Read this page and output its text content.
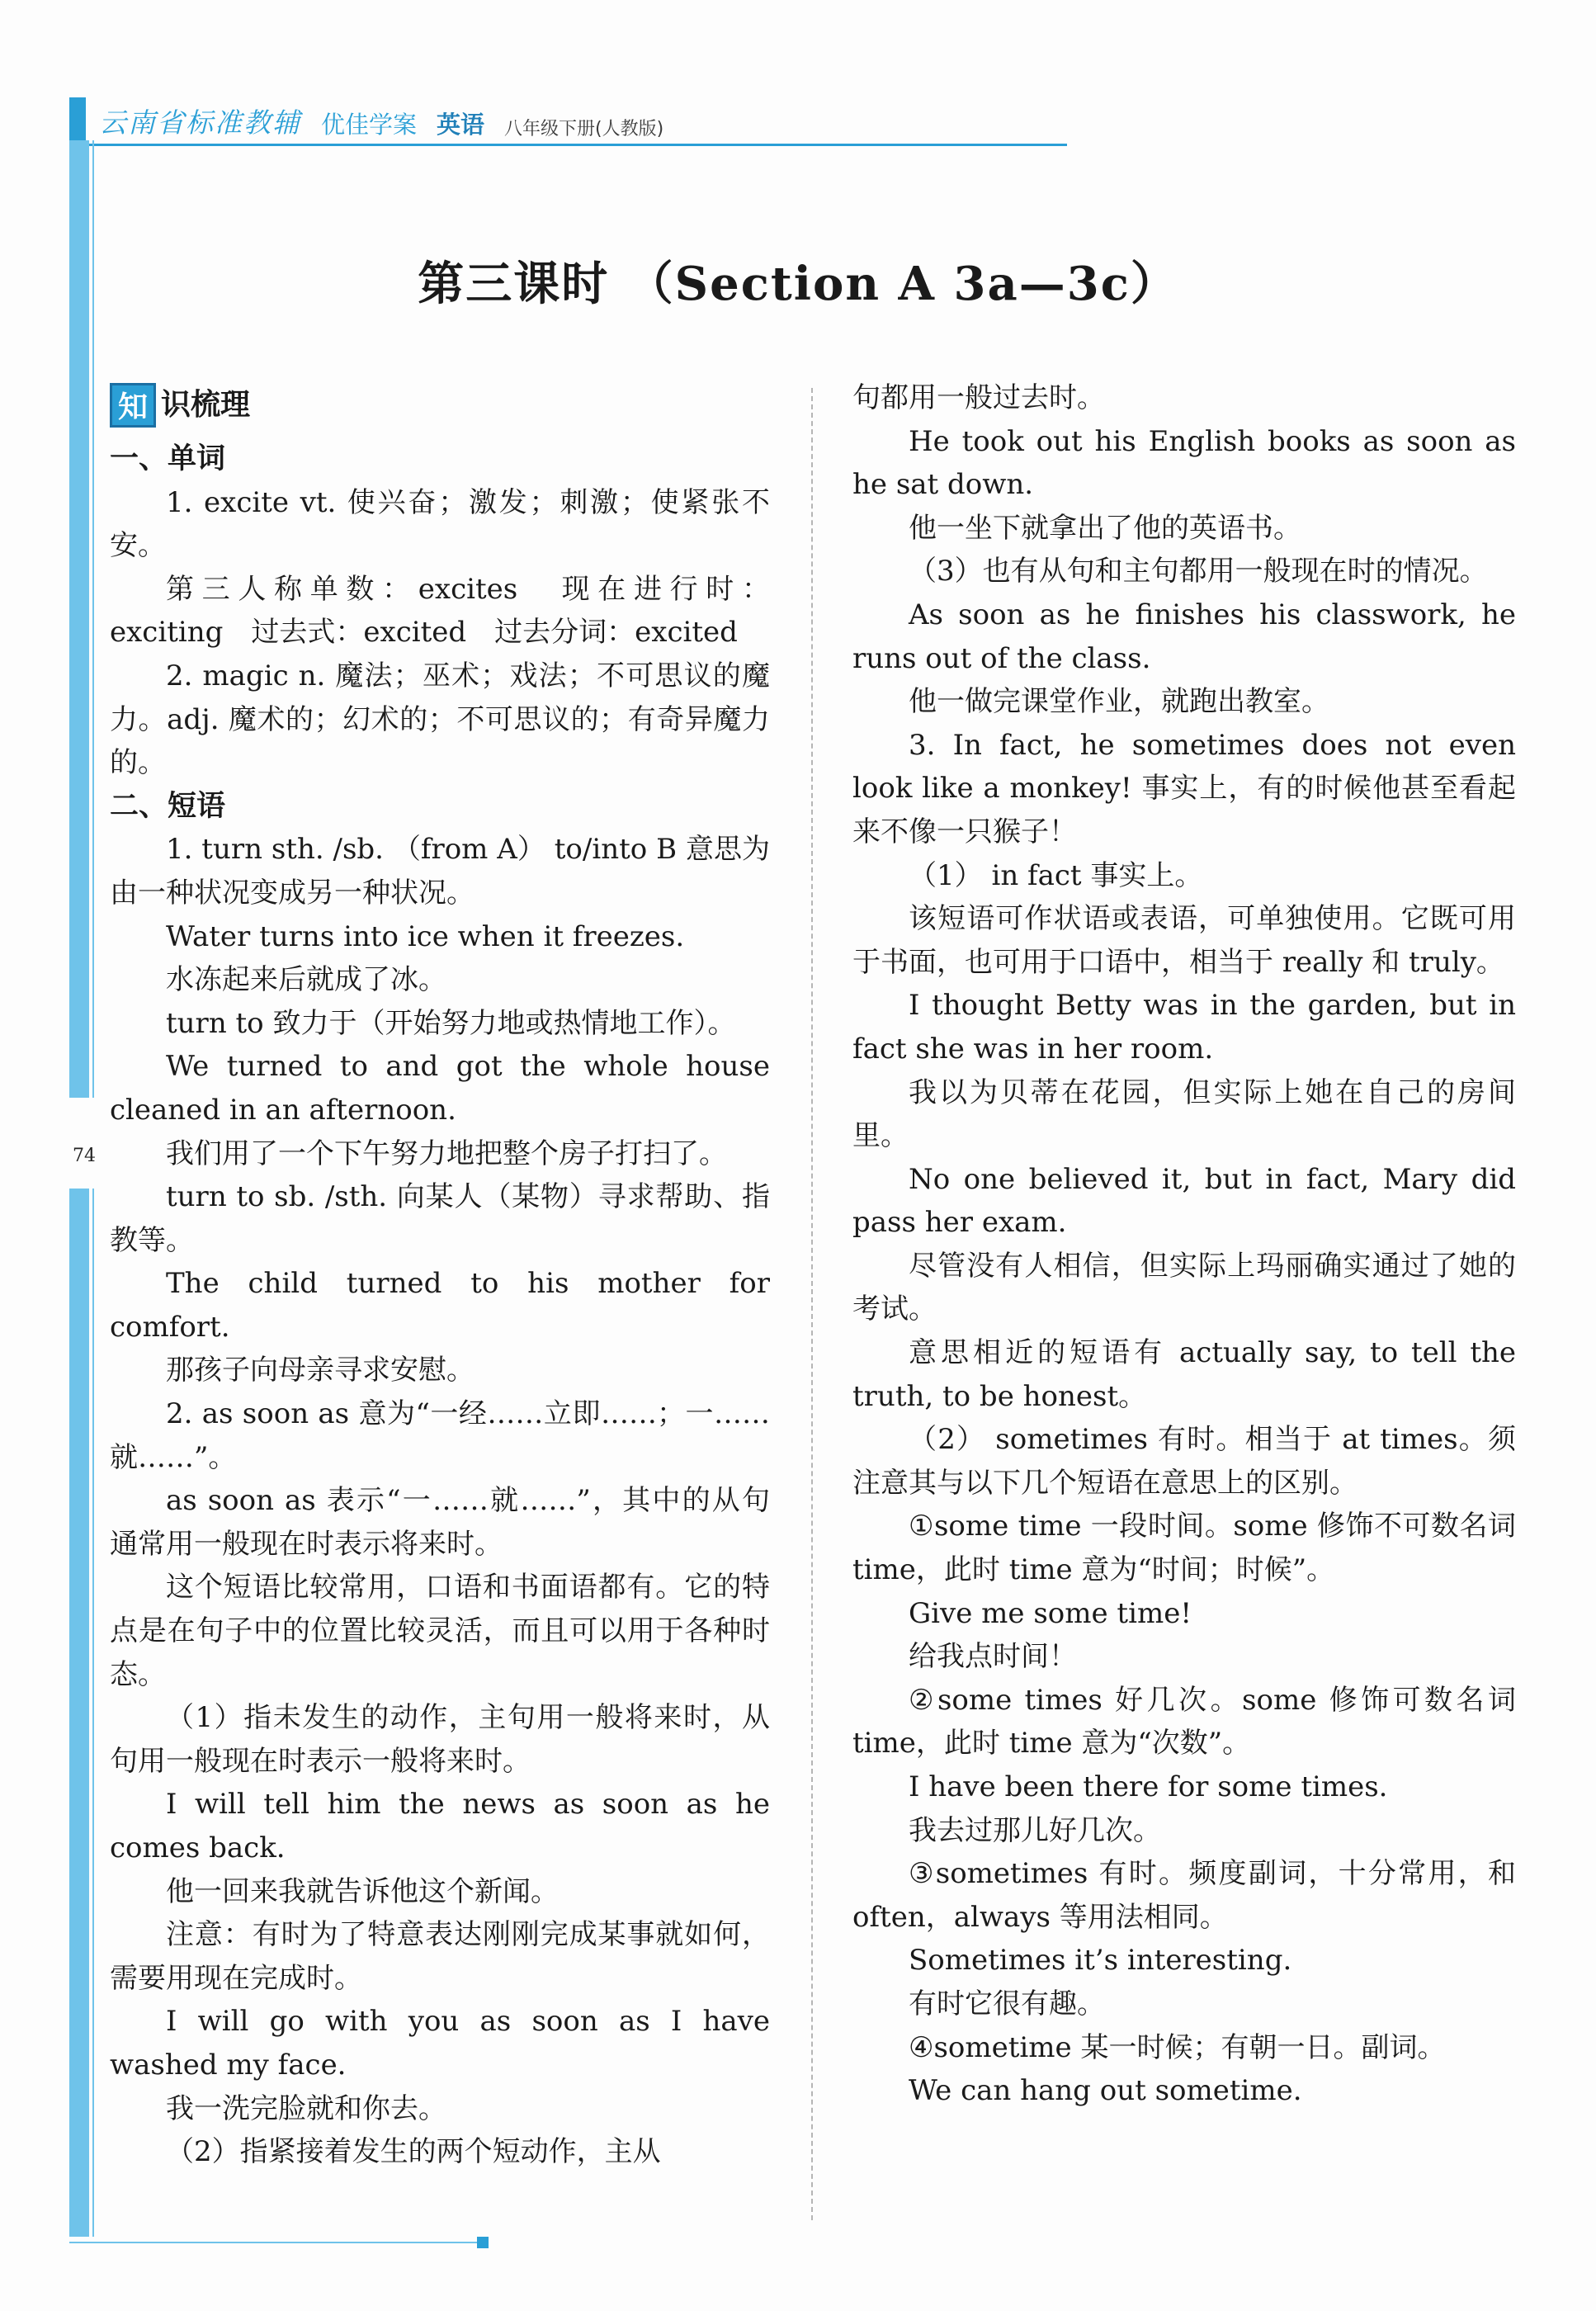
云南省标准教辅 优佳学案 英语 八年级下册(人教版)
74
第三课时 （Section A 3a—3c）
知 识梳理

一、单词

1. excite vt. 使兴奋；激发；刺激；使紧张不安。

第三人称单数：excites　现在进行时：exciting　过去式：excited　过去分词：excited

2. magic n. 魔法；巫术；戏法；不可思议的魔力。adj. 魔术的；幻术的；不可思议的；有奇异魔力的。

二、短语

1. turn sth. /sb. （from A） to/into B 意思为由一种状况变成另一种状况。

Water turns into ice when it freezes.

水冻起来后就成了冰。

turn to 致力于（开始努力地或热情地工作）。

We turned to and got the whole house cleaned in an afternoon.

我们用了一个下午努力地把整个房子打扫了。

turn to sb. /sth. 向某人（某物）寻求帮助、指教等。

The child turned to his mother for comfort.

那孩子向母亲寻求安慰。

2. as soon as 意为“一经……立即……；一……就……”。

as soon as 表示“一……就……”，其中的从句通常用一般现在时表示将来时。

这个短语比较常用，口语和书面语都有。它的特点是在句子中的位置比较灵活，而且可以用于各种时态。

（1）指未发生的动作，主句用一般将来时，从句用一般现在时表示一般将来时。

I will tell him the news as soon as he comes back.

他一回来我就告诉他这个新闻。

注意：有时为了特意表达刚刚完成某事就如何，需要用现在完成时。

I will go with you as soon as I have washed my face.

我一洗完脸就和你去。

（2）指紧接着发生的两个短动作，主从

句都用一般过去时。

He took out his English books as soon as he sat down.

他一坐下就拿出了他的英语书。

（3）也有从句和主句都用一般现在时的情况。

As soon as he finishes his classwork, he runs out of the class.

他一做完课堂作业，就跑出教室。

3. In fact, he sometimes does not even look like a monkey! 事实上，有的时候他甚至看起来不像一只猴子！

（1） in fact 事实上。

该短语可作状语或表语，可单独使用。它既可用于书面，也可用于口语中，相当于 really 和 truly。

I thought Betty was in the garden, but in fact she was in her room.

我以为贝蒂在花园，但实际上她在自己的房间里。

No one believed it, but in fact, Mary did pass her exam.

尽管没有人相信，但实际上玛丽确实通过了她的考试。

意思相近的短语有 actually say, to tell the truth, to be honest。

（2） sometimes 有时。相当于 at times。须注意其与以下几个短语在意思上的区别。

①some time 一段时间。some 修饰不可数名词 time，此时 time 意为“时间；时候”。

Give me some time!

给我点时间！

②some times 好几次。some 修饰可数名词 time，此时 time 意为“次数”。

I have been there for some times.

我去过那儿好几次。

③sometimes 有时。频度副词，十分常用，和 often，always 等用法相同。

Sometimes it’s interesting.

有时它很有趣。

④sometime 某一时候；有朝一日。副词。

We can hang out sometime.
